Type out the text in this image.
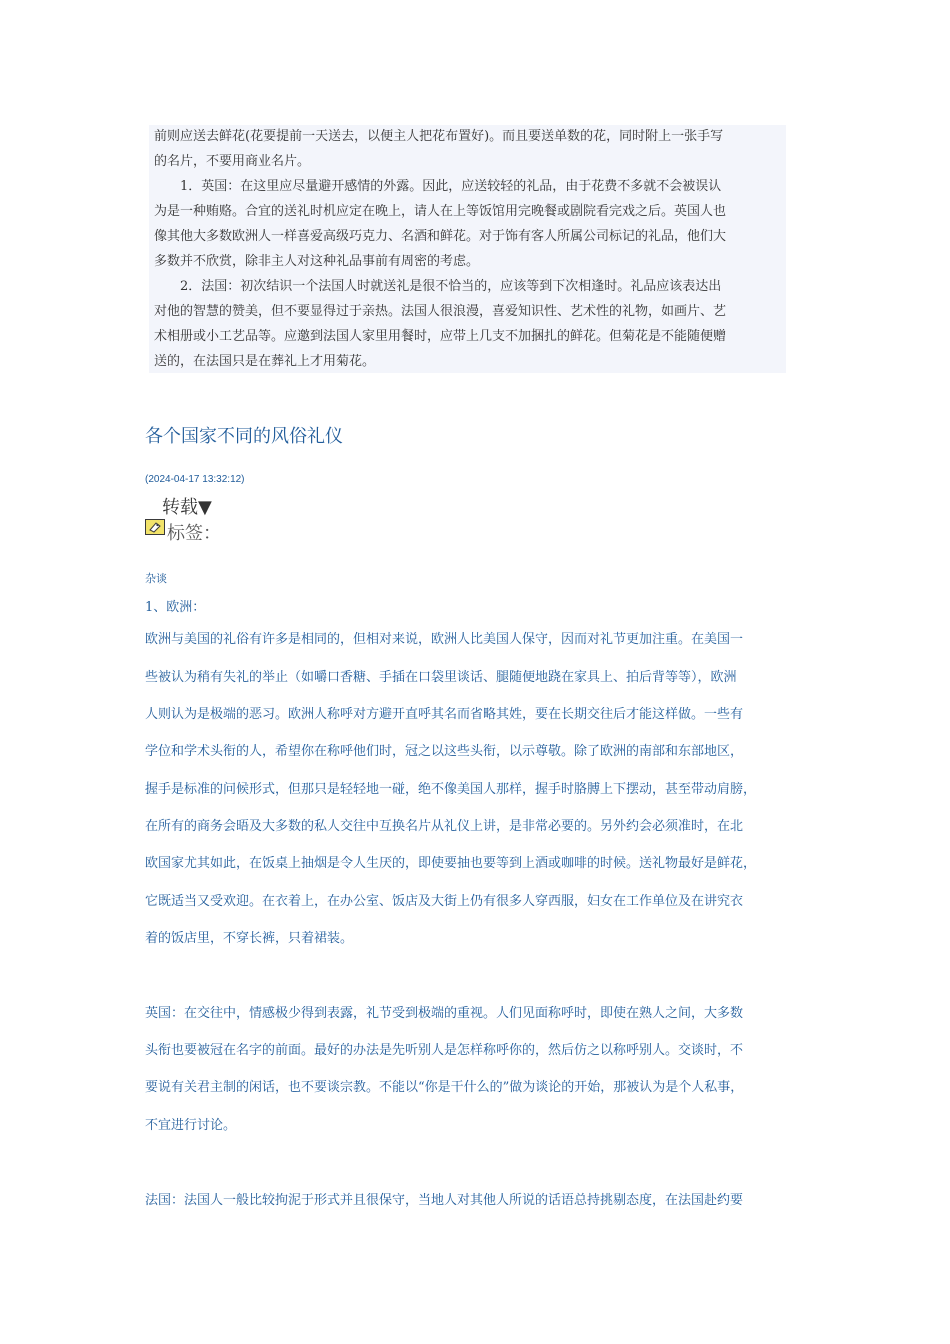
前则应送去鲜花(花要提前一天送去，以便主人把花布置好)。而且要送单数的花，同时附上一张手写
的名片，不要用商业名片。
　　1．英国：在这里应尽量避开感情的外露。因此，应送较轻的礼品，由于花费不多就不会被误认
为是一种贿赂。合宜的送礼时机应定在晚上，请人在上等饭馆用完晚餐或剧院看完戏之后。英国人也
像其他大多数欧洲人一样喜爱高级巧克力、名酒和鲜花。对于饰有客人所属公司标记的礼品，他们大
多数并不欣赏，除非主人对这种礼品事前有周密的考虑。
　　2．法国：初次结识一个法国人时就送礼是很不恰当的，应该等到下次相逢时。礼品应该表达出
对他的智慧的赞美，但不要显得过于亲热。法国人很浪漫，喜爱知识性、艺术性的礼物，如画片、艺
术相册或小工艺品等。应邀到法国人家里用餐时，应带上几支不加捆扎的鲜花。但菊花是不能随便赠
送的，在法国只是在葬礼上才用菊花。
各个国家不同的风俗礼仪
(2024-04-17 13:32:12)
转载▼
标签：
杂谈
1、欧洲：
欧洲与美国的礼俗有许多是相同的，但相对来说，欧洲人比美国人保守，因而对礼节更加注重。在美国一
些被认为稍有失礼的举止（如嚼口香糖、手插在口袋里谈话、腿随便地跷在家具上、拍后背等等），欧洲
人则认为是极端的恶习。欧洲人称呼对方避开直呼其名而省略其姓，要在长期交往后才能这样做。一些有
学位和学术头衔的人，希望你在称呼他们时，冠之以这些头衔，以示尊敬。除了欧洲的南部和东部地区，
握手是标准的问候形式，但那只是轻轻地一碰，绝不像美国人那样，握手时胳膊上下摆动，甚至带动肩膀，
在所有的商务会晤及大多数的私人交往中互换名片从礼仪上讲，是非常必要的。另外约会必须准时，在北
欧国家尤其如此，在饭桌上抽烟是令人生厌的，即使要抽也要等到上酒或咖啡的时候。送礼物最好是鲜花，
它既适当又受欢迎。在衣着上，在办公室、饭店及大街上仍有很多人穿西服，妇女在工作单位及在讲究衣
着的饭店里，不穿长裤，只着裙装。
英国：在交往中，情感极少得到表露，礼节受到极端的重视。人们见面称呼时，即使在熟人之间，大多数
头衔也要被冠在名字的前面。最好的办法是先听别人是怎样称呼你的，然后仿之以称呼别人。交谈时，不
要说有关君主制的闲话，也不要谈宗教。不能以“你是干什么的”做为谈论的开始，那被认为是个人私事，
不宜进行讨论。
法国：法国人一般比较拘泥于形式并且很保守，当地人对其他人所说的话语总持挑剔态度，在法国赴约要
